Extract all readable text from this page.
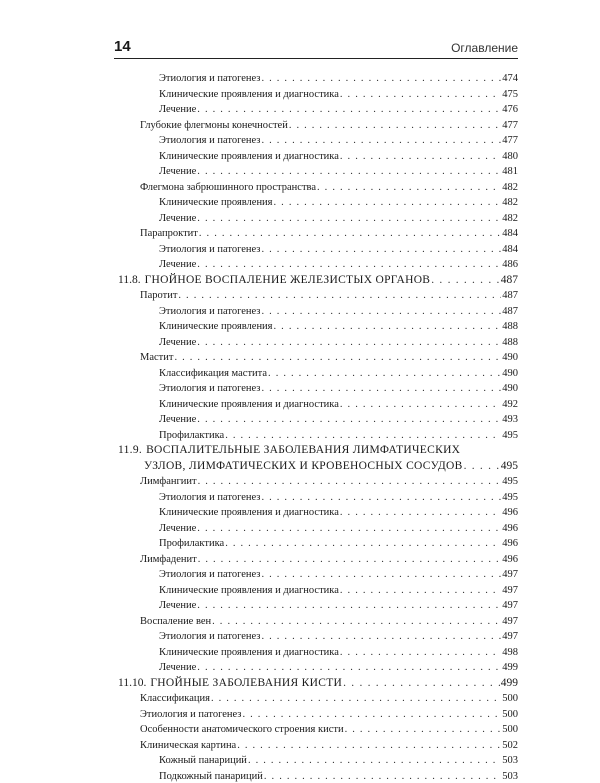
14	Оглавление
Этиология и патогенез . . .	474
Клинические проявления и диагностика . . .	475
Лечение . . .	476
Глубокие флегмоны конечностей . . .	477
Этиология и патогенез . . .	477
Клинические проявления и диагностика . . .	480
Лечение . . .	481
Флегмона забрюшинного пространства . . .	482
Клинические проявления . . .	482
Лечение . . .	482
Парапроктит . . .	484
Этиология и патогенез . . .	484
Лечение . . .	486
11.8. ГНОЙНОЕ ВОСПАЛЕНИЕ ЖЕЛЕЗИСТЫХ ОРГАНОВ . . .	487
Паротит . . .	487
Этиология и патогенез . . .	487
Клинические проявления . . .	488
Лечение . . .	488
Мастит . . .	490
Классификация мастита . . .	490
Этиология и патогенез . . .	490
Клинические проявления и диагностика . . .	492
Лечение . . .	493
Профилактика . . .	495
11.9. ВОСПАЛИТЕЛЬНЫЕ ЗАБОЛЕВАНИЯ ЛИМФАТИЧЕСКИХ
УЗЛОВ, ЛИМФАТИЧЕСКИХ И КРОВЕНОСНЫХ СОСУДОВ . . .	495
Лимфангиит . . .	495
Этиология и патогенез . . .	495
Клинические проявления и диагностика . . .	496
Лечение . . .	496
Профилактика . . .	496
Лимфаденит . . .	496
Этиология и патогенез . . .	497
Клинические проявления и диагностика . . .	497
Лечение . . .	497
Воспаление вен . . .	497
Этиология и патогенез . . .	497
Клинические проявления и диагностика . . .	498
Лечение . . .	499
11.10. ГНОЙНЫЕ ЗАБОЛЕВАНИЯ КИСТИ . . .	499
Классификация . . .	500
Этиология и патогенез . . .	500
Особенности анатомического строения кисти . . .	500
Клиническая картина . . .	502
Кожный панариций . . .	503
Подкожный панариций . . .	503
